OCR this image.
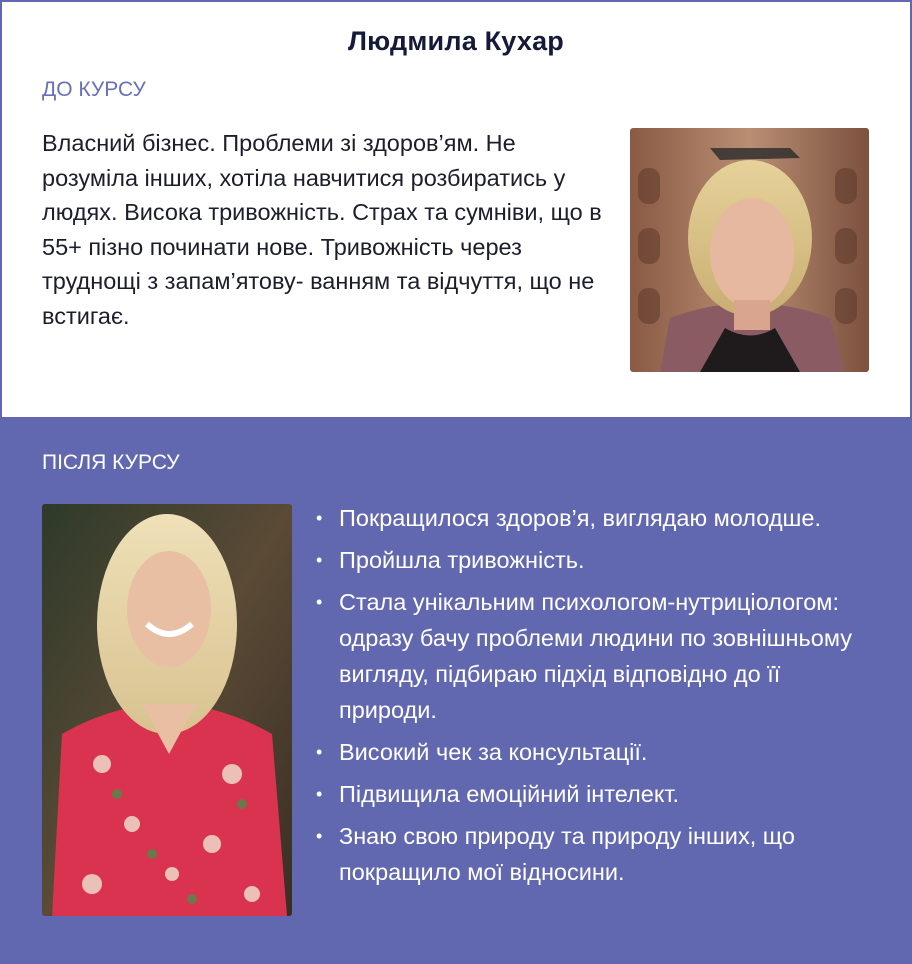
Людмила Кухар
ДО КУРСУ
Власний бізнес. Проблеми зі здоров’ям. Не розуміла інших, хотіла навчитися розбиратись у людях. Висока тривожність. Страх та сумніви, що в 55+ пізно починати нове. Тривожність через труднощі з запам’ятову- ванням та відчуття, що не встигає.
ПІСЛЯ КУРСУ
• Покращилося здоров’я, виглядаю молодше.
• Пройшла тривожність.
• Стала унікальним психологом-нутриціологом: одразу бачу проблеми людини по зовнішньому вигляду, підбираю підхід відповідно до її природи.
• Високий чек за консультації.
• Підвищила емоційний інтелект.
• Знаю свою природу та природу інших, що покращило мої відносини.
